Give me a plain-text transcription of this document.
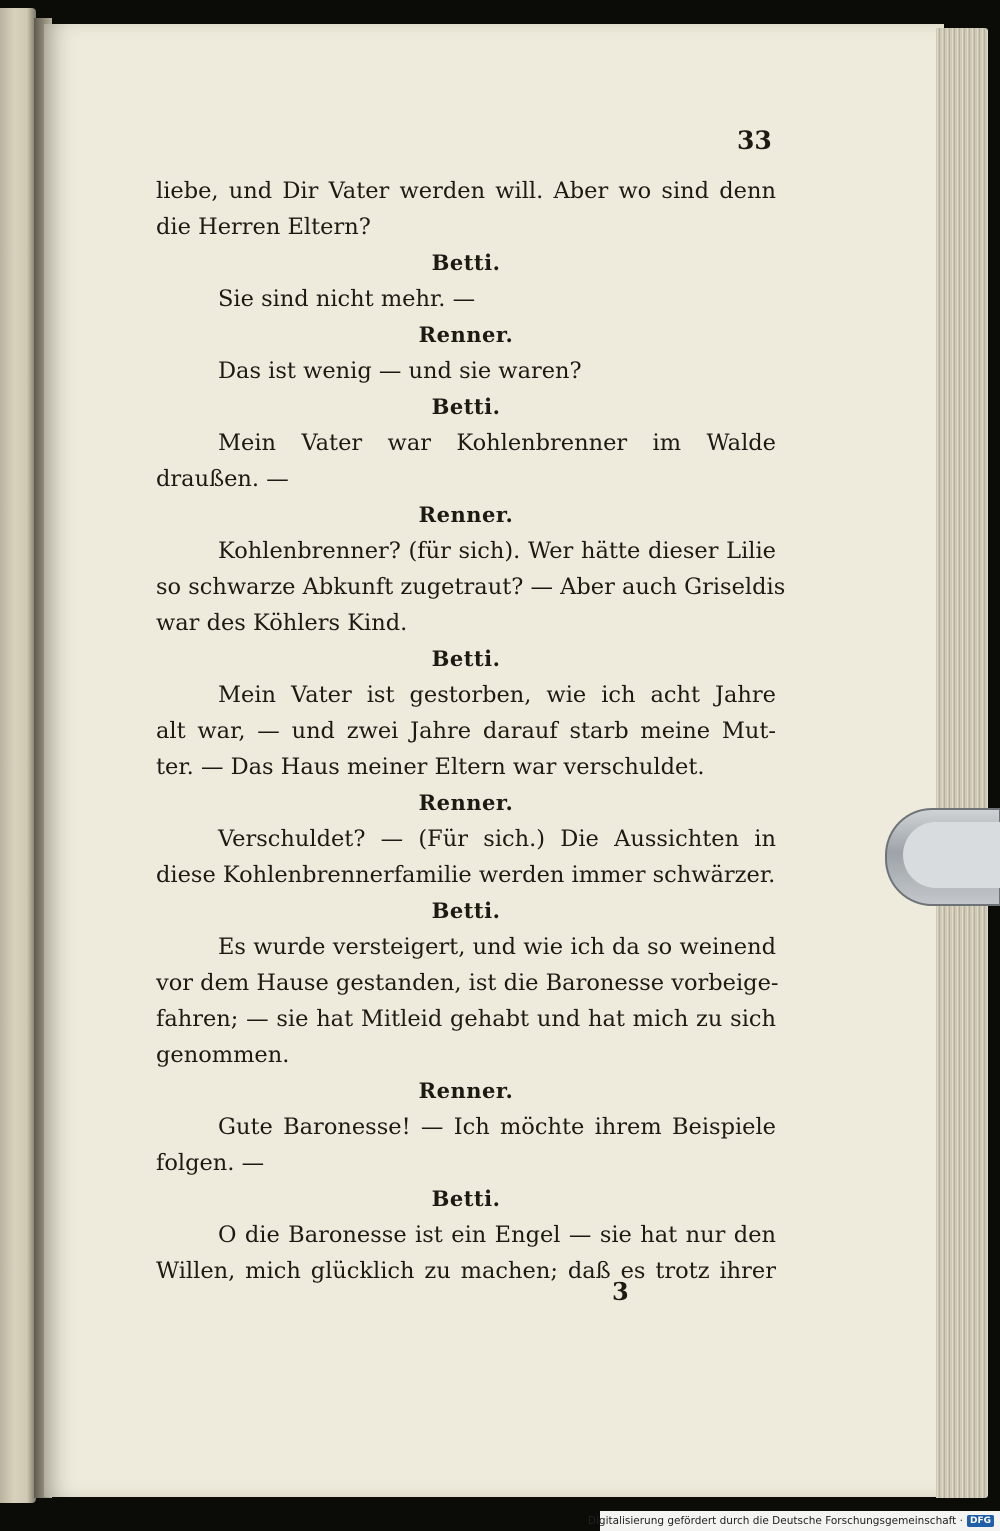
33
liebe, und Dir Vater werden will. Aber wo sind denn
die Herren Eltern?
Betti.
Sie sind nicht mehr. —
Renner.
Das ist wenig — und sie waren?
Betti.
Mein Vater war Kohlenbrenner im Walde
draußen. —
Renner.
Kohlenbrenner? (für sich). Wer hätte dieser Lilie
so schwarze Abkunft zugetraut? — Aber auch Griseldis
war des Köhlers Kind.
Betti.
Mein Vater ist gestorben, wie ich acht Jahre
alt war, — und zwei Jahre darauf starb meine Mut-
ter. — Das Haus meiner Eltern war verschuldet.
Renner.
Verschuldet? — (Für sich.) Die Aussichten in
diese Kohlenbrennerfamilie werden immer schwärzer.
Betti.
Es wurde versteigert, und wie ich da so weinend
vor dem Hause gestanden, ist die Baronesse vorbeige-
fahren; — sie hat Mitleid gehabt und hat mich zu sich
genommen.
Renner.
Gute Baronesse! — Ich möchte ihrem Beispiele
folgen. —
Betti.
O die Baronesse ist ein Engel — sie hat nur den
Willen, mich glücklich zu machen; daß es trotz ihrer
3
Digitalisierung gefördert durch die Deutsche Forschungsgemeinschaft · DFG
